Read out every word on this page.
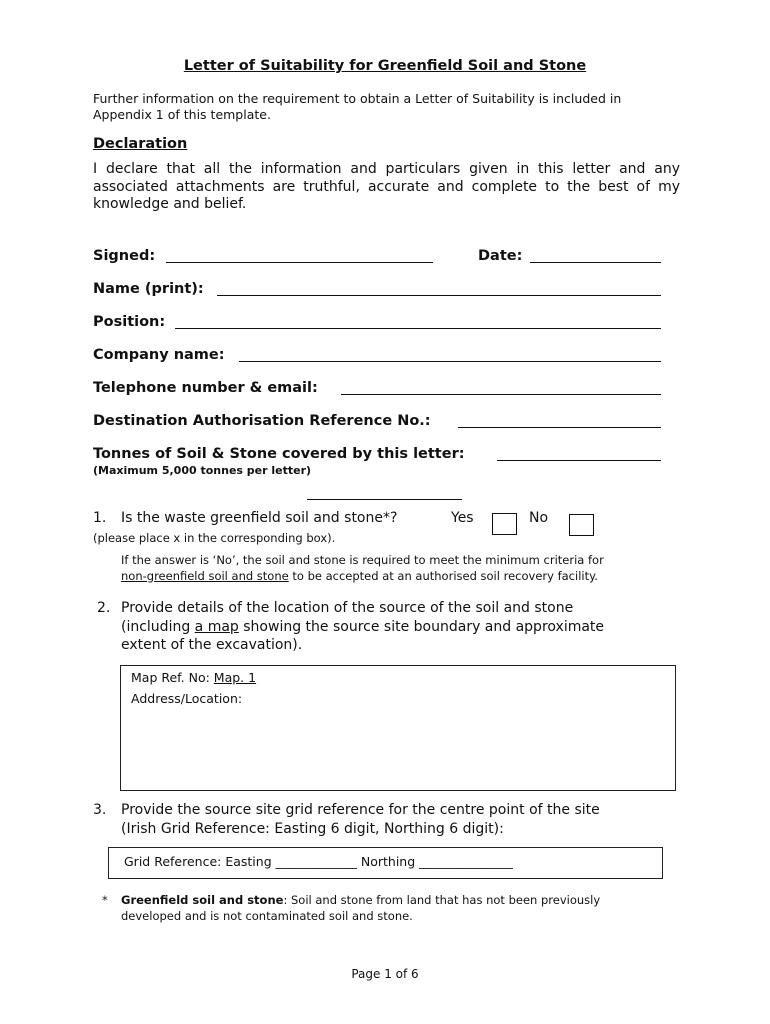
Letter of Suitability for Greenfield Soil and Stone
Further information on the requirement to obtain a Letter of Suitability is included in Appendix 1 of this template.
Declaration
I declare that all the information and particulars given in this letter and any associated attachments are truthful, accurate and complete to the best of my knowledge and belief.
Signed:	Date:
Name (print):
Position:
Company name:
Telephone number & email:
Destination Authorisation Reference No.:
Tonnes of Soil & Stone covered by this letter:
(Maximum 5,000 tonnes per letter)
1. Is the waste greenfield soil and stone*?	Yes	No
(please place x in the corresponding box).
If the answer is ‘No’, the soil and stone is required to meet the minimum criteria for
non-greenfield soil and stone to be accepted at an authorised soil recovery facility.
2. Provide details of the location of the source of the soil and stone
(including a map showing the source site boundary and approximate
extent of the excavation).
Map Ref. No: Map. 1
Address/Location:
3. Provide the source site grid reference for the centre point of the site
(Irish Grid Reference: Easting 6 digit, Northing 6 digit):
Grid Reference: Easting _____________ Northing _______________
* Greenfield soil and stone: Soil and stone from land that has not been previously
developed and is not contaminated soil and stone.
Page 1 of 6
